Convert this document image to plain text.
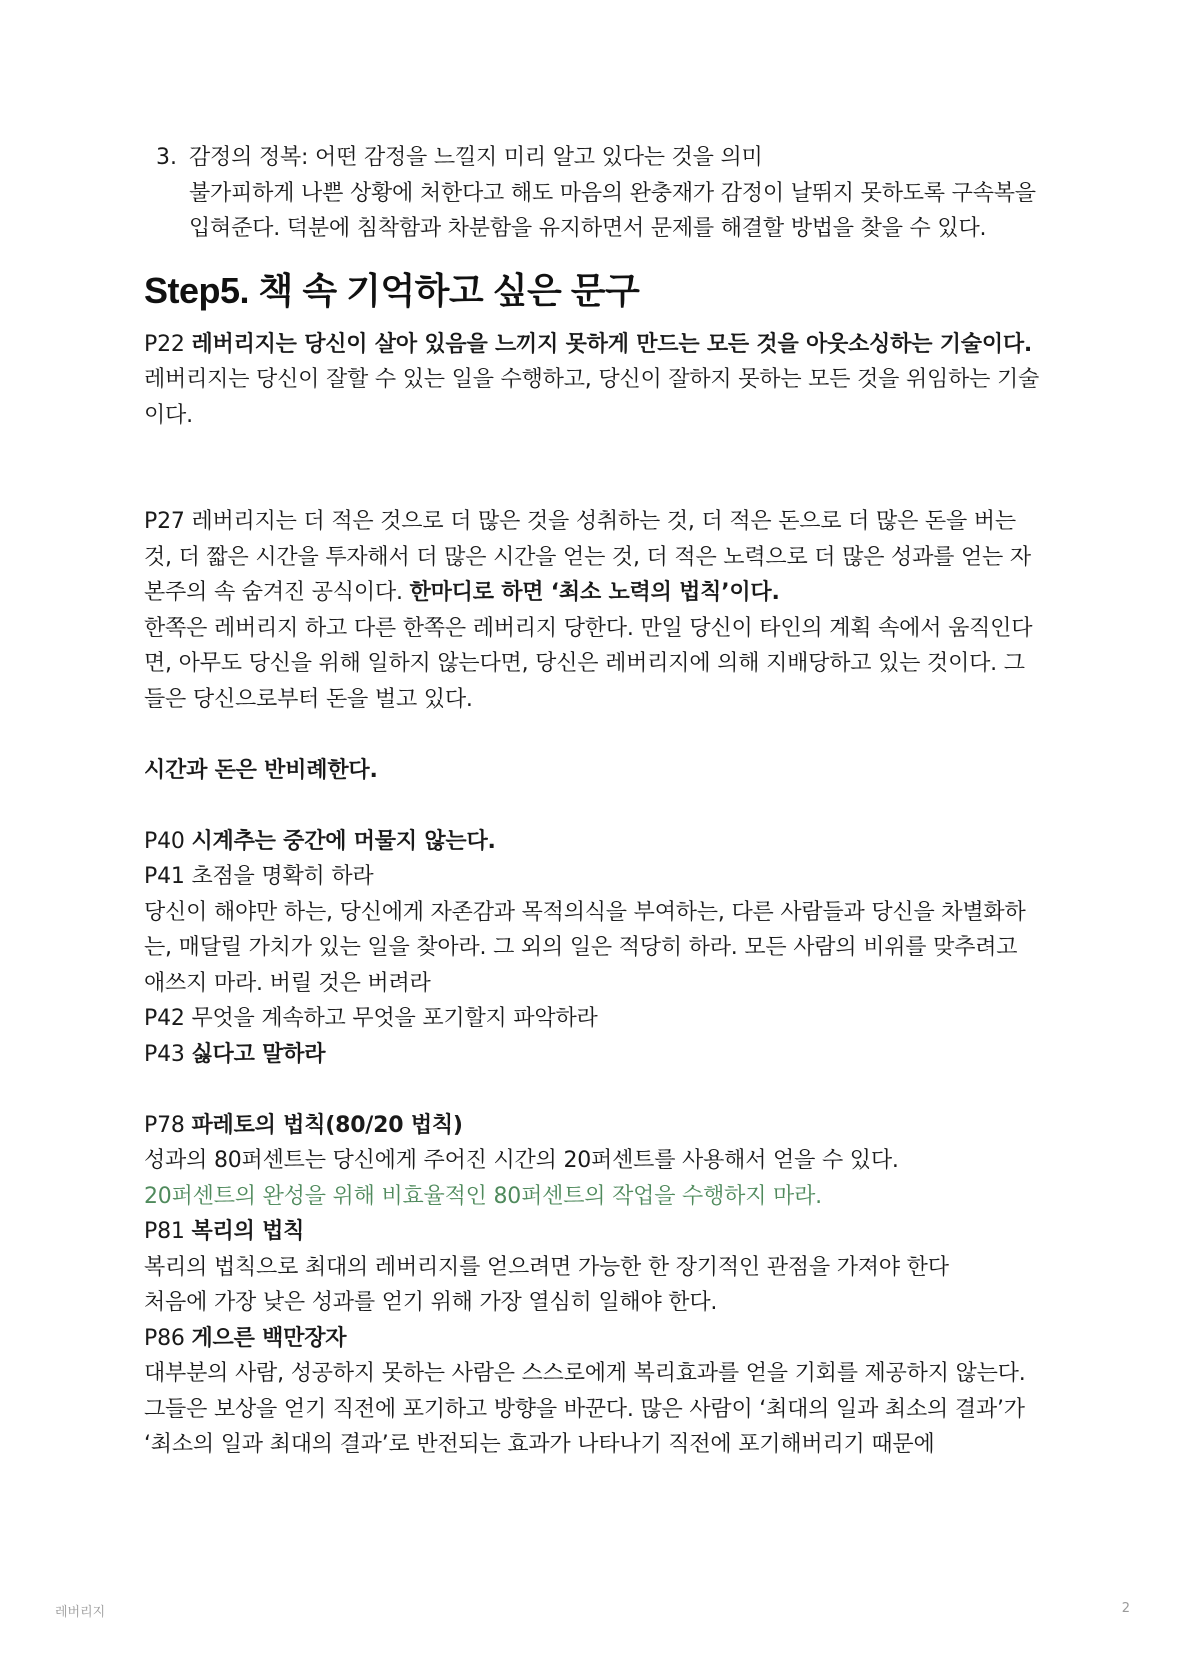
3. 감정의 정복: 어떤 감정을 느낄지 미리 알고 있다는 것을 의미

불가피하게 나쁜 상황에 처한다고 해도 마음의 완충재가 감정이 날뛰지 못하도록 구속복을 입혀준다. 덕분에 침착함과 차분함을 유지하면서 문제를 해결할 방법을 찾을 수 있다.

Step5. 책 속 기억하고 싶은 문구

P22 레버리지는 당신이 살아 있음을 느끼지 못하게 만드는 모든 것을 아웃소싱하는 기술이다. 레버리지는 당신이 잘할 수 있는 일을 수행하고, 당신이 잘하지 못하는 모든 것을 위임하는 기술이다.

P27 레버리지는 더 적은 것으로 더 많은 것을 성취하는 것, 더 적은 돈으로 더 많은 돈을 버는 것, 더 짧은 시간을 투자해서 더 많은 시간을 얻는 것, 더 적은 노력으로 더 많은 성과를 얻는 자본주의 속 숨겨진 공식이다. 한마디로 하면 ‘최소 노력의 법칙’이다.

한쪽은 레버리지 하고 다른 한쪽은 레버리지 당한다. 만일 당신이 타인의 계획 속에서 움직인다면, 아무도 당신을 위해 일하지 않는다면, 당신은 레버리지에 의해 지배당하고 있는 것이다. 그들은 당신으로부터 돈을 벌고 있다.

시간과 돈은 반비례한다.

P40 시계추는 중간에 머물지 않는다.

P41 초점을 명확히 하라

당신이 해야만 하는, 당신에게 자존감과 목적의식을 부여하는, 다른 사람들과 당신을 차별화하는, 매달릴 가치가 있는 일을 찾아라. 그 외의 일은 적당히 하라. 모든 사람의 비위를 맞추려고 애쓰지 마라. 버릴 것은 버려라

P42 무엇을 계속하고 무엇을 포기할지 파악하라

P43 싫다고 말하라

P78 파레토의 법칙(80/20 법칙)

성과의 80퍼센트는 당신에게 주어진 시간의 20퍼센트를 사용해서 얻을 수 있다.

20퍼센트의 완성을 위해 비효율적인 80퍼센트의 작업을 수행하지 마라.

P81 복리의 법칙

복리의 법칙으로 최대의 레버리지를 얻으려면 가능한 한 장기적인 관점을 가져야 한다

처음에 가장 낮은 성과를 얻기 위해 가장 열심히 일해야 한다.

P86 게으른 백만장자

대부분의 사람, 성공하지 못하는 사람은 스스로에게 복리효과를 얻을 기회를 제공하지 않는다. 그들은 보상을 얻기 직전에 포기하고 방향을 바꾼다. 많은 사람이 ‘최대의 일과 최소의 결과’가 ‘최소의 일과 최대의 결과’로 반전되는 효과가 나타나기 직전에 포기해버리기 때문에

레버리지	2
